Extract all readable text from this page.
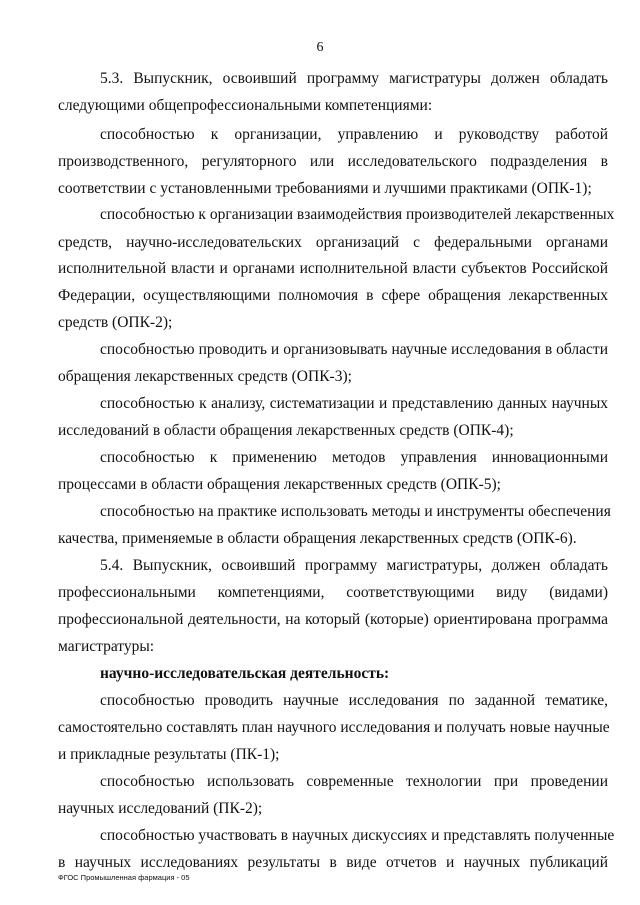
6
5.3. Выпускник, освоивший программу магистратуры должен обладать
следующими общепрофессиональными компетенциями:
способностью к организации, управлению и руководству работой
производственного, регуляторного или исследовательского подразделения в
соответствии с установленными требованиями и лучшими практиками (ОПК-1);
способностью к организации взаимодействия производителей лекарственных
средств, научно-исследовательских организаций с федеральными органами
исполнительной власти и органами исполнительной власти субъектов Российской
Федерации, осуществляющими полномочия в сфере обращения лекарственных
средств (ОПК-2);
способностью проводить и организовывать научные исследования в области
обращения лекарственных средств (ОПК-3);
способностью к анализу, систематизации и представлению данных научных
исследований в области обращения лекарственных средств (ОПК-4);
способностью к применению методов управления инновационными
процессами в области обращения лекарственных средств (ОПК-5);
способностью на практике использовать методы и инструменты обеспечения
качества, применяемые в области обращения лекарственных средств (ОПК-6).
5.4. Выпускник, освоивший программу магистратуры, должен обладать
профессиональными компетенциями, соответствующими виду (видами)
профессиональной деятельности, на который (которые) ориентирована программа
магистратуры:
научно-исследовательская деятельность:
способностью проводить научные исследования по заданной тематике,
самостоятельно составлять план научного исследования и получать новые научные
и прикладные результаты (ПК-1);
способностью использовать современные технологии при проведении
научных исследований (ПК-2);
способностью участвовать в научных дискуссиях и представлять полученные
в научных исследованиях результаты в виде отчетов и научных публикаций
ФГОС Промышленная фармация - 05
